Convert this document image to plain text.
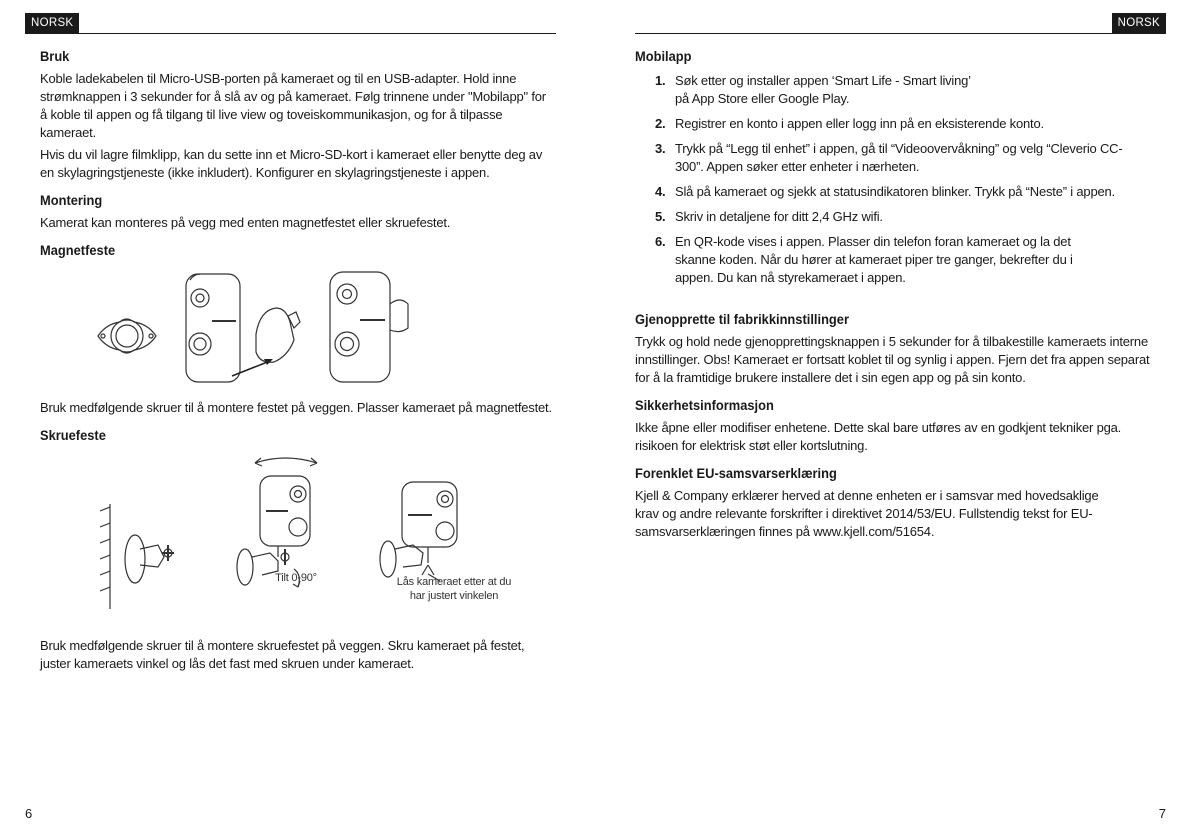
NORSK
Bruk

Koble ladekabelen til Micro-USB-porten på kameraet og til en USB-adapter. Hold inne strømknappen i 3 sekunder for å slå av og på kameraet. Følg trinnene under "Mobilapp" for å koble til appen og få tilgang til live view og toveiskommunikasjon, og for å tilpasse kameraet.

Hvis du vil lagre filmklipp, kan du sette inn et Micro-SD-kort i kameraet eller benytte deg av en skylagringstjeneste (ikke inkludert). Konfigurer en skylagringstjeneste i appen.

Montering

Kamerat kan monteres på vegg med enten magnetfestet eller skruefestet.

Magnetfeste

Bruk medfølgende skruer til å montere festet på veggen. Plasser kameraet på magnetfestet.

Skruefeste
Tilt 0-90°	Lås kameraet etter at du har justert vinkelen

Bruk medfølgende skruer til å montere skruefestet på veggen. Skru kameraet på festet, juster kameraets vinkel og lås det fast med skruen under kameraet.

6
NORSK
Mobilapp
1. Søk etter og installer appen ‘Smart Life - Smart living’ på App Store eller Google Play.
2. Registrer en konto i appen eller logg inn på en eksisterende konto.
3. Trykk på “Legg til enhet” i appen, gå til “Videoovervåkning” og velg “Cleverio CC-300”. Appen søker etter enheter i nærheten.
4. Slå på kameraet og sjekk at statusindikatoren blinker. Trykk på “Neste” i appen.
5. Skriv in detaljene for ditt 2,4 GHz wifi.
6. En QR-kode vises i appen. Plasser din telefon foran kameraet og la det skanne koden. Når du hører at kameraet piper tre ganger, bekrefter du i appen. Du kan nå styrekameraet i appen.
Gjenopprette til fabrikkinnstillinger

Trykk og hold nede gjenopprettingsknappen i 5 sekunder for å tilbakestille kameraets interne innstillinger. Obs! Kameraet er fortsatt koblet til og synlig i appen. Fjern det fra appen separat for å la framtidige brukere installere det i sin egen app og på sin konto.

Sikkerhetsinformasjon

Ikke åpne eller modifiser enhetene. Dette skal bare utføres av en godkjent tekniker pga. risikoen for elektrisk støt eller kortslutning.

Forenklet EU-samsvarserklæring

Kjell & Company erklærer herved at denne enheten er i samsvar med hovedsaklige krav og andre relevante forskrifter i direktivet 2014/53/EU. Fullstendig tekst for EU-samsvarserklæringen finnes på www.kjell.com/51654.

7
